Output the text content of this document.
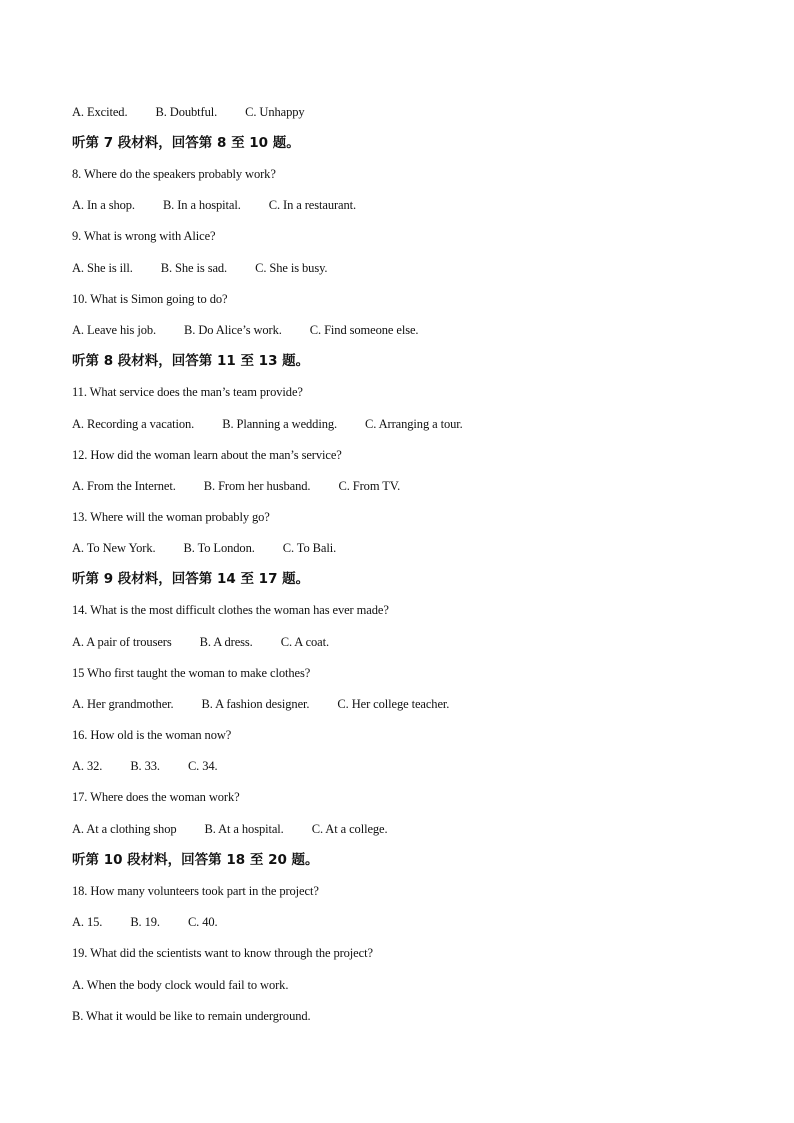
A. Excited. B. Doubtful. C. Unhappy
听第 7 段材料，回答第 8 至 10 题。
8. Where do the speakers probably work?
A. In a shop. B. In a hospital. C. In a restaurant.
9. What is wrong with Alice?
A. She is ill. B. She is sad. C. She is busy.
10. What is Simon going to do?
A. Leave his job. B. Do Alice’s work. C. Find someone else.
听第 8 段材料，回答第 11 至 13 题。
11. What service does the man’s team provide?
A. Recording a vacation. B. Planning a wedding. C. Arranging a tour.
12. How did the woman learn about the man’s service?
A. From the Internet. B. From her husband. C. From TV.
13. Where will the woman probably go?
A. To New York. B. To London. C. To Bali.
听第 9 段材料，回答第 14 至 17 题。
14. What is the most difficult clothes the woman has ever made?
A. A pair of trousers B. A dress. C. A coat.
15 Who first taught the woman to make clothes?
A. Her grandmother. B. A fashion designer. C. Her college teacher.
16. How old is the woman now?
A. 32. B. 33. C. 34.
17. Where does the woman work?
A. At a clothing shop B. At a hospital. C. At a college.
听第 10 段材料，回答第 18 至 20 题。
18. How many volunteers took part in the project?
A. 15. B. 19. C. 40.
19. What did the scientists want to know through the project?
A. When the body clock would fail to work.
B. What it would be like to remain underground.
